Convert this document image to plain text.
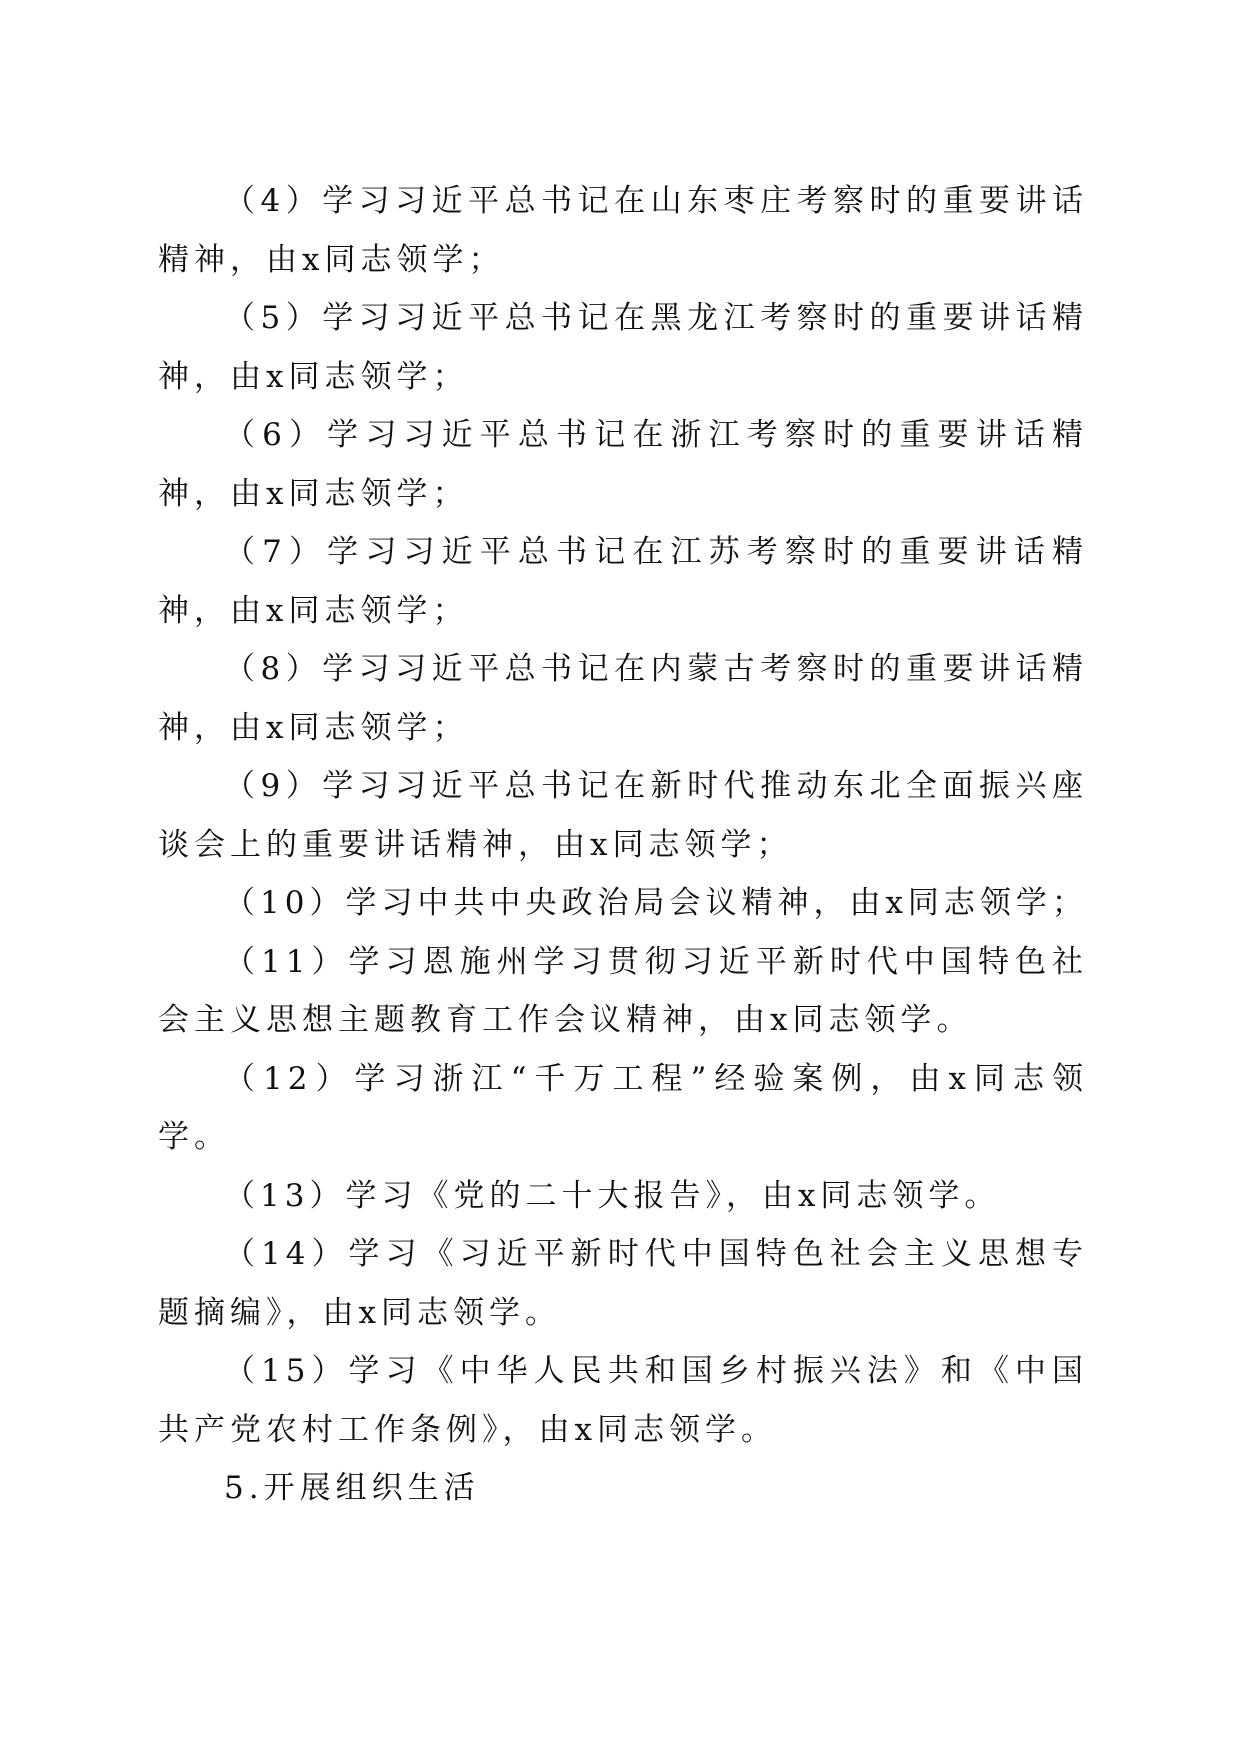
（4）学习习近平总书记在山东枣庄考察时的重要讲话精神，由x同志领学；

（5）学习习近平总书记在黑龙江考察时的重要讲话精神，由x同志领学；

（6）学习习近平总书记在浙江考察时的重要讲话精神，由x同志领学；

（7）学习习近平总书记在江苏考察时的重要讲话精神，由x同志领学；

（8）学习习近平总书记在内蒙古考察时的重要讲话精神，由x同志领学；

（9）学习习近平总书记在新时代推动东北全面振兴座谈会上的重要讲话精神，由x同志领学；

（10）学习中共中央政治局会议精神，由x同志领学；

（11）学习恩施州学习贯彻习近平新时代中国特色社会主义思想主题教育工作会议精神，由x同志领学。

（12）学习浙江“千万工程”经验案例，由x同志领学。

（13）学习《党的二十大报告》，由x同志领学。

（14）学习《习近平新时代中国特色社会主义思想专题摘编》，由x同志领学。

（15）学习《中华人民共和国乡村振兴法》和《中国共产党农村工作条例》，由x同志领学。

5.开展组织生活
